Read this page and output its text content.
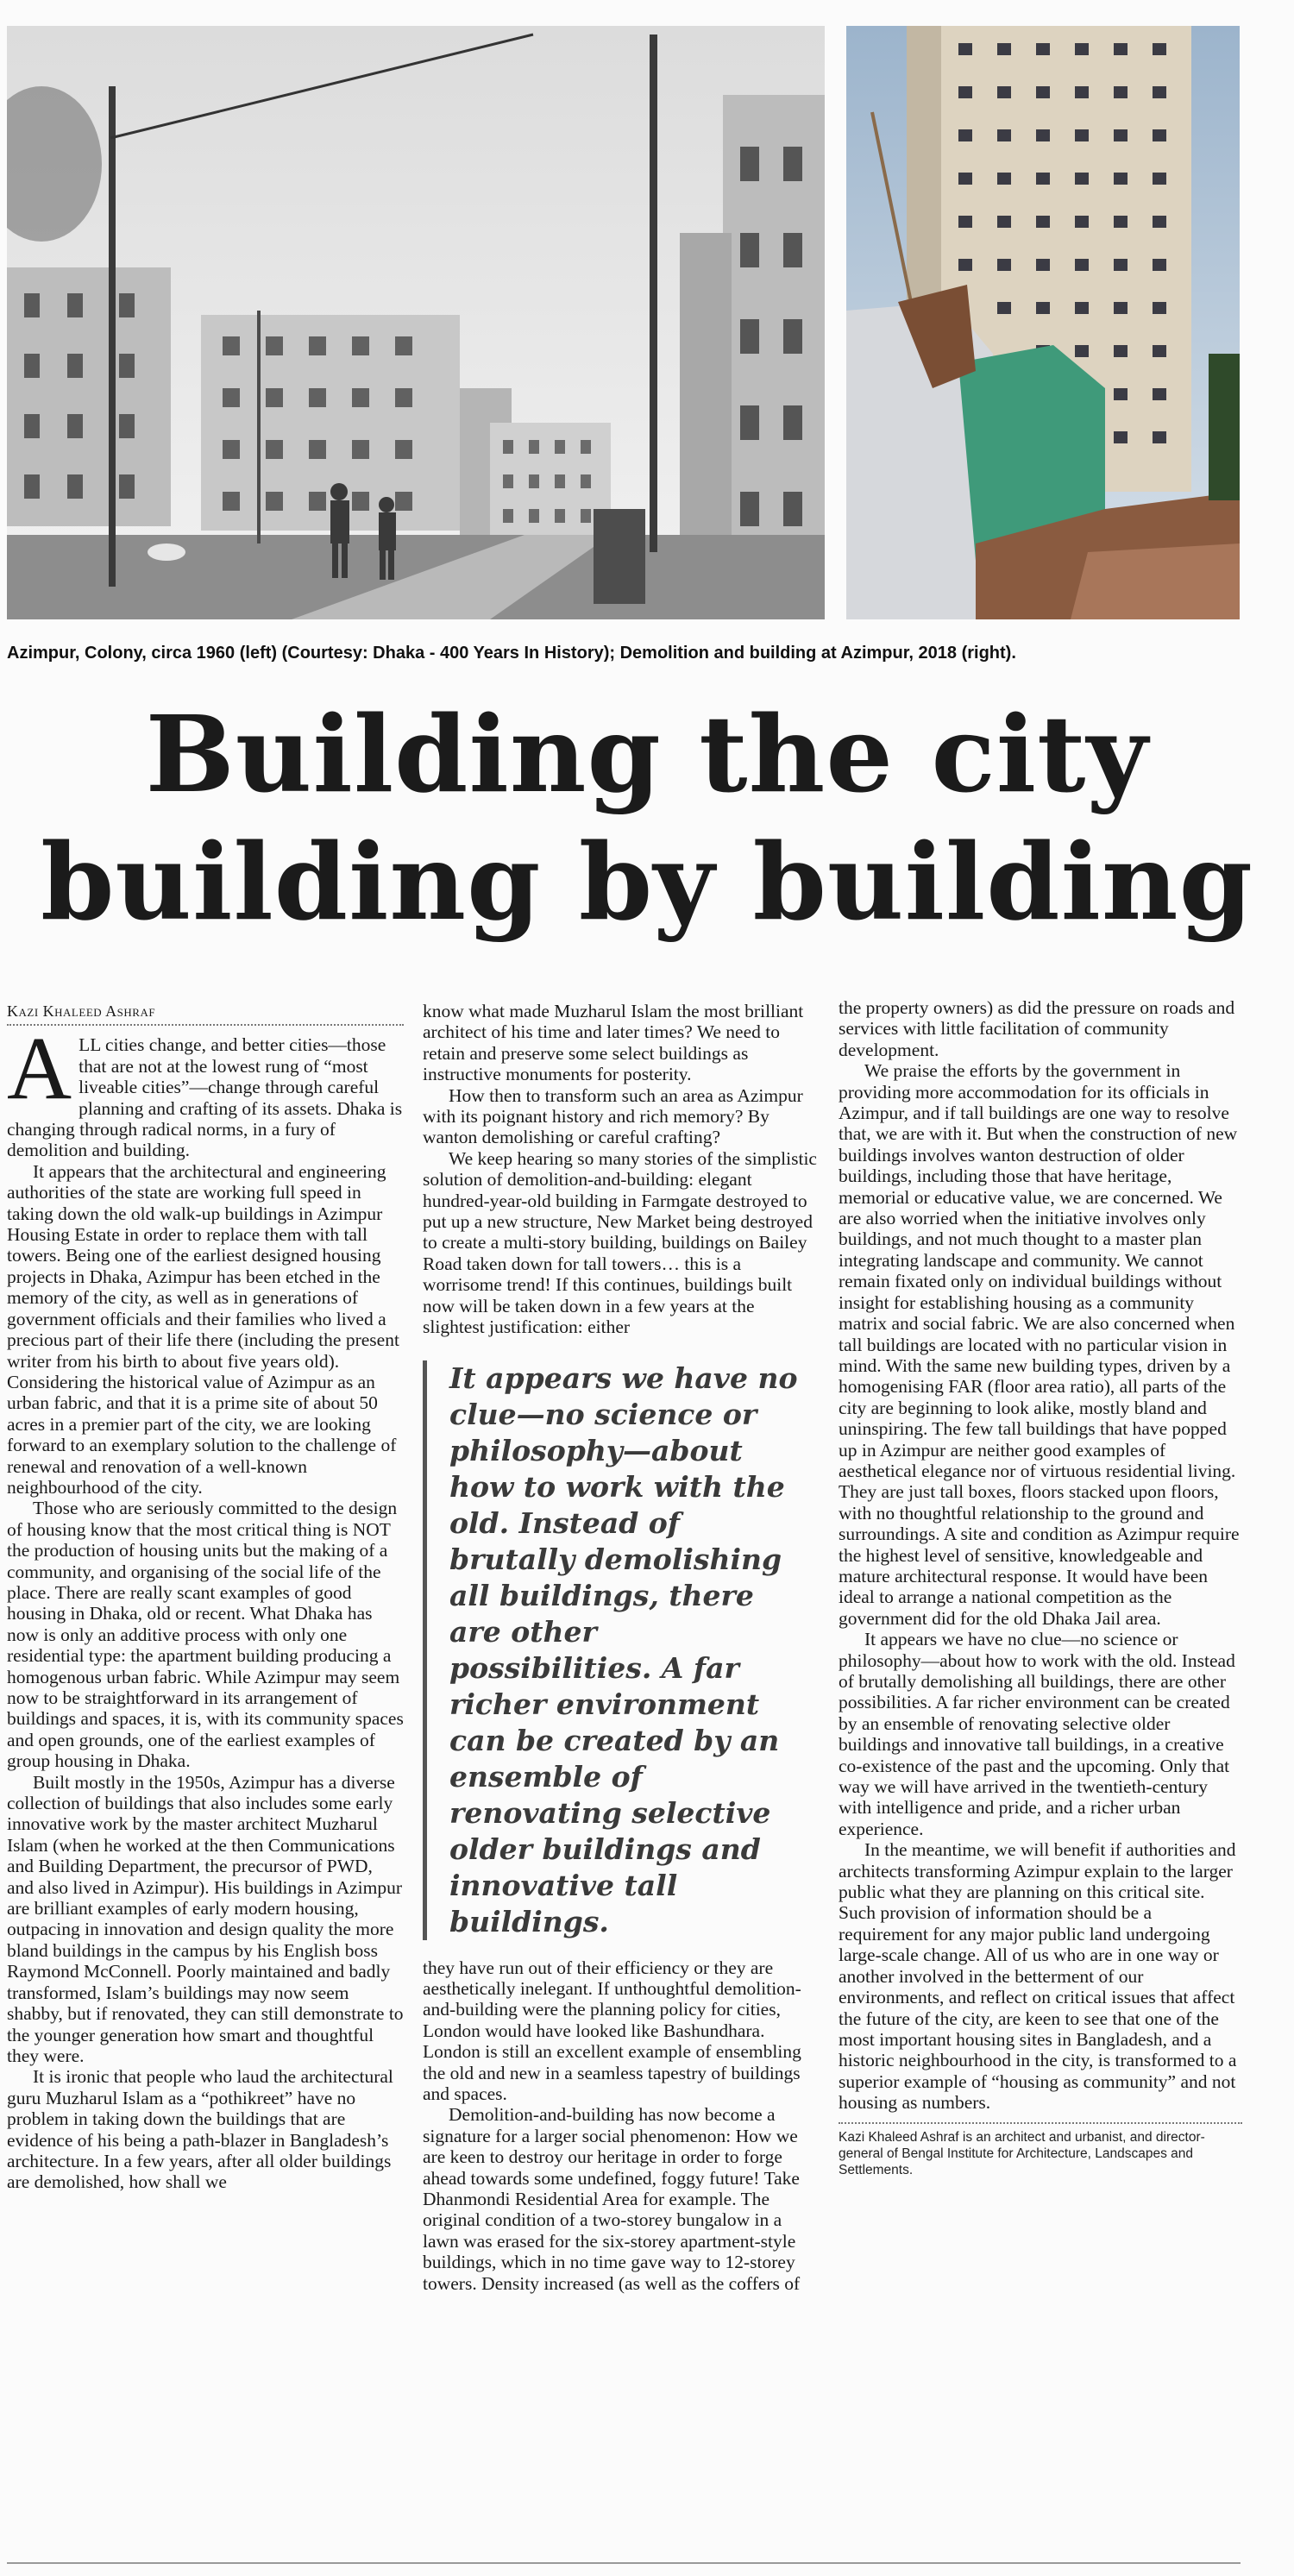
Azimpur, Colony, circa 1960 (left) (Courtesy: Dhaka - 400 Years In History); Demolition and building at Azimpur, 2018 (right).
Building the city
building by building
Kazi Khaleed Ashraf

ALL cities change, and better cities—those that are not at the lowest rung of “most liveable cities”—change through careful planning and crafting of its assets. Dhaka is changing through radical norms, in a fury of demolition and building.

It appears that the architectural and engineering authorities of the state are working full speed in taking down the old walk-up buildings in Azimpur Housing Estate in order to replace them with tall towers. Being one of the earliest designed housing projects in Dhaka, Azimpur has been etched in the memory of the city, as well as in generations of government officials and their families who lived a precious part of their life there (including the present writer from his birth to about five years old). Considering the historical value of Azimpur as an urban fabric, and that it is a prime site of about 50 acres in a premier part of the city, we are looking forward to an exemplary solution to the challenge of renewal and renovation of a well-known neighbourhood of the city.

Those who are seriously committed to the design of housing know that the most critical thing is NOT the production of housing units but the making of a community, and organising of the social life of the place. There are really scant examples of good housing in Dhaka, old or recent. What Dhaka has now is only an additive process with only one residential type: the apartment building producing a homogenous urban fabric. While Azimpur may seem now to be straightforward in its arrangement of buildings and spaces, it is, with its community spaces and open grounds, one of the earliest examples of group housing in Dhaka.

Built mostly in the 1950s, Azimpur has a diverse collection of buildings that also includes some early innovative work by the master architect Muzharul Islam (when he worked at the then Communications and Building Department, the precursor of PWD, and also lived in Azimpur). His buildings in Azimpur are brilliant examples of early modern housing, outpacing in innovation and design quality the more bland buildings in the campus by his English boss Raymond McConnell. Poorly maintained and badly transformed, Islam’s buildings may now seem shabby, but if renovated, they can still demonstrate to the younger generation how smart and thoughtful they were.

It is ironic that people who laud the architectural guru Muzharul Islam as a “pothikreet” have no problem in taking down the buildings that are evidence of his being a path-blazer in Bangladesh’s architecture. In a few years, after all older buildings are demolished, how shall we

know what made Muzharul Islam the most brilliant architect of his time and later times? We need to retain and preserve some select buildings as instructive monuments for posterity.

How then to transform such an area as Azimpur with its poignant history and rich memory? By wanton demolishing or careful crafting?

We keep hearing so many stories of the simplistic solution of demolition-and-building: elegant hundred-year-old building in Farmgate destroyed to put up a new structure, New Market being destroyed to create a multi-story building, buildings on Bailey Road taken down for tall towers… this is a worrisome trend! If this continues, buildings built now will be taken down in a few years at the slightest justification: either

It appears we have no clue—no science or philosophy—about how to work with the old. Instead of brutally demolishing all buildings, there are other possibilities. A far richer environment can be created by an ensemble of renovating selective older buildings and innovative tall buildings.

they have run out of their efficiency or they are aesthetically inelegant. If unthoughtful demolition-and-building were the planning policy for cities, London would have looked like Bashundhara. London is still an excellent example of ensembling the old and new in a seamless tapestry of buildings and spaces.

Demolition-and-building has now become a signature for a larger social phenomenon: How we are keen to destroy our heritage in order to forge ahead towards some undefined, foggy future! Take Dhanmondi Residential Area for example. The original condition of a two-storey bungalow in a lawn was erased for the six-storey apartment-style buildings, which in no time gave way to 12-storey towers. Density increased (as well as the coffers of

the property owners) as did the pressure on roads and services with little facilitation of community development.

We praise the efforts by the government in providing more accommodation for its officials in Azimpur, and if tall buildings are one way to resolve that, we are with it. But when the construction of new buildings involves wanton destruction of older buildings, including those that have heritage, memorial or educative value, we are concerned. We are also worried when the initiative involves only buildings, and not much thought to a master plan integrating landscape and community. We cannot remain fixated only on individual buildings without insight for establishing housing as a community matrix and social fabric. We are also concerned when tall buildings are located with no particular vision in mind. With the same new building types, driven by a homogenising FAR (floor area ratio), all parts of the city are beginning to look alike, mostly bland and uninspiring. The few tall buildings that have popped up in Azimpur are neither good examples of aesthetical elegance nor of virtuous residential living. They are just tall boxes, floors stacked upon floors, with no thoughtful relationship to the ground and surroundings. A site and condition as Azimpur require the highest level of sensitive, knowledgeable and mature architectural response. It would have been ideal to arrange a national competition as the government did for the old Dhaka Jail area.

It appears we have no clue—no science or philosophy—about how to work with the old. Instead of brutally demolishing all buildings, there are other possibilities. A far richer environment can be created by an ensemble of renovating selective older buildings and innovative tall buildings, in a creative co-existence of the past and the upcoming. Only that way we will have arrived in the twentieth-century with intelligence and pride, and a richer urban experience.

In the meantime, we will benefit if authorities and architects transforming Azimpur explain to the larger public what they are planning on this critical site. Such provision of information should be a requirement for any major public land undergoing large-scale change. All of us who are in one way or another involved in the betterment of our environments, and reflect on critical issues that affect the future of the city, are keen to see that one of the most important housing sites in Bangladesh, and a historic neighbourhood in the city, is transformed to a superior example of “housing as community” and not housing as numbers.

Kazi Khaleed Ashraf is an architect and urbanist, and director-general of Bengal Institute for Architecture, Landscapes and Settlements.
